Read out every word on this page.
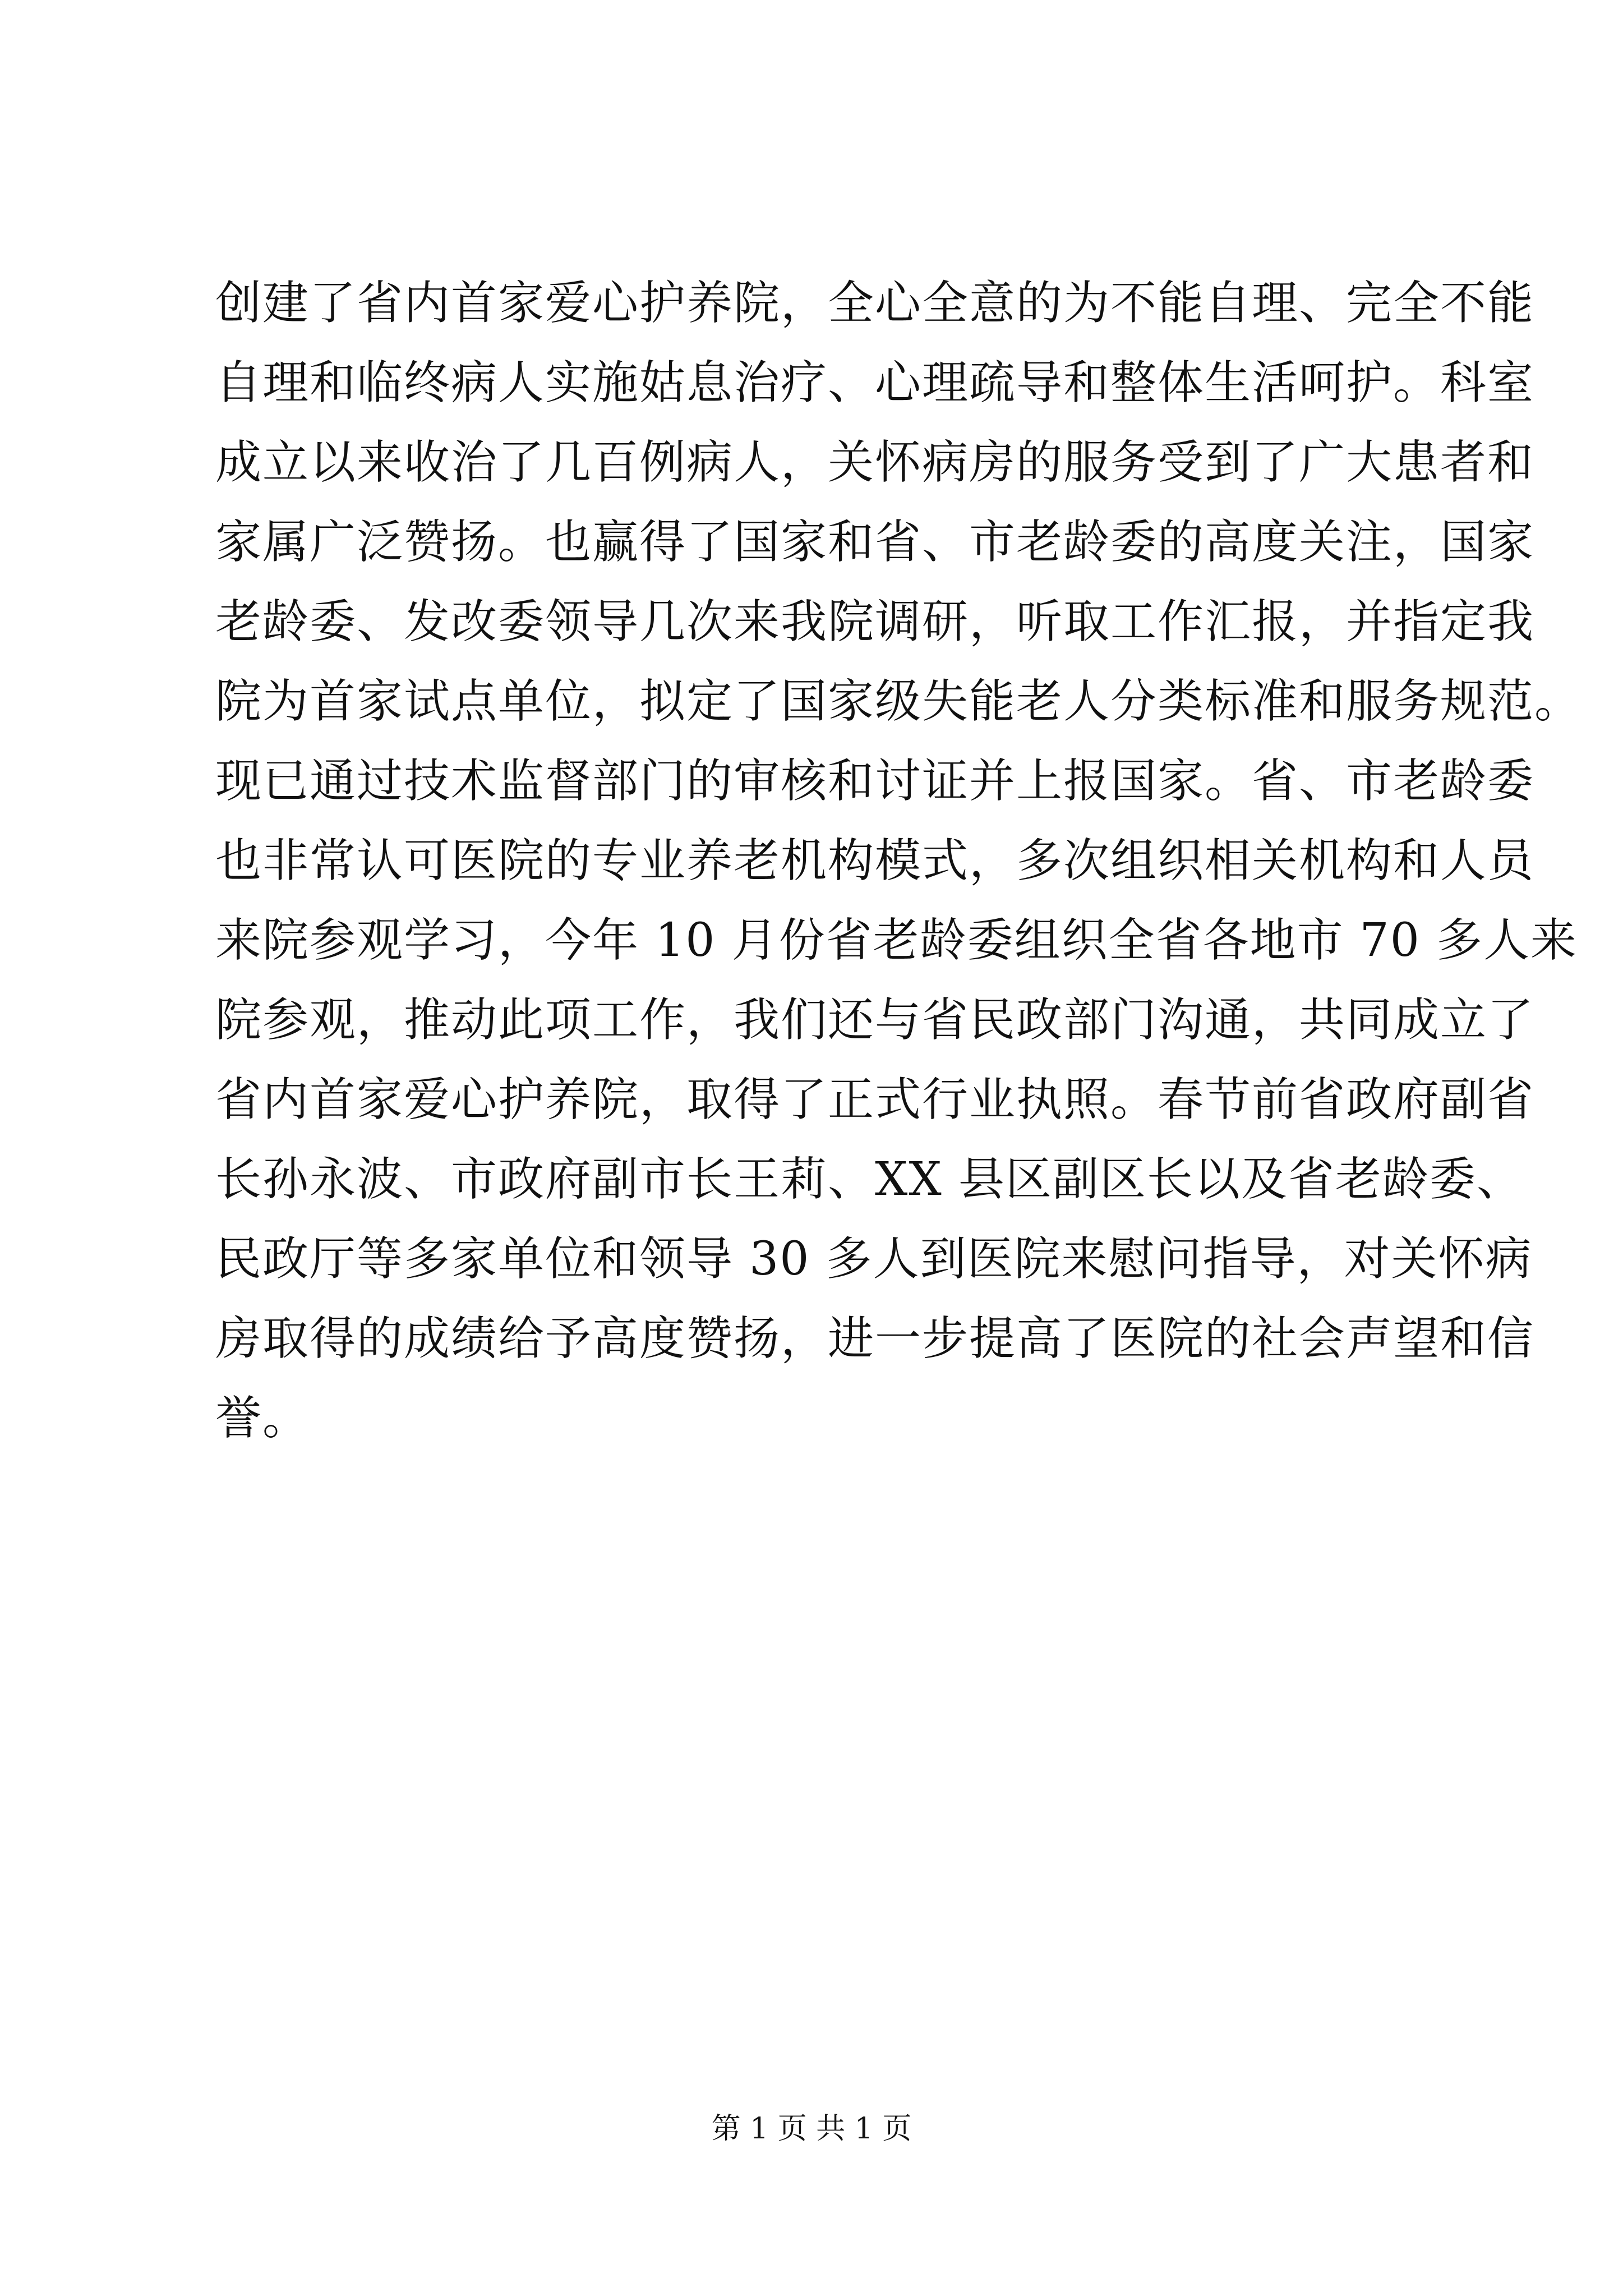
创建了省内首家爱心护养院，全心全意的为不能自理、完全不能
自理和临终病人实施姑息治疗、心理疏导和整体生活呵护。科室
成立以来收治了几百例病人，关怀病房的服务受到了广大患者和
家属广泛赞扬。也赢得了国家和省、市老龄委的高度关注，国家
老龄委、发改委领导几次来我院调研，听取工作汇报，并指定我
院为首家试点单位，拟定了国家级失能老人分类标准和服务规范。
现已通过技术监督部门的审核和讨证并上报国家。省、市老龄委
也非常认可医院的专业养老机构模式，多次组织相关机构和人员
来院参观学习，今年 10 月份省老龄委组织全省各地市 70 多人来
院参观，推动此项工作，我们还与省民政部门沟通，共同成立了
省内首家爱心护养院，取得了正式行业执照。春节前省政府副省
长孙永波、市政府副市长王莉、XX 县区副区长以及省老龄委、
民政厅等多家单位和领导 30 多人到医院来慰问指导，对关怀病
房取得的成绩给予高度赞扬，进一步提高了医院的社会声望和信
誉。
第 1 页 共 1 页
